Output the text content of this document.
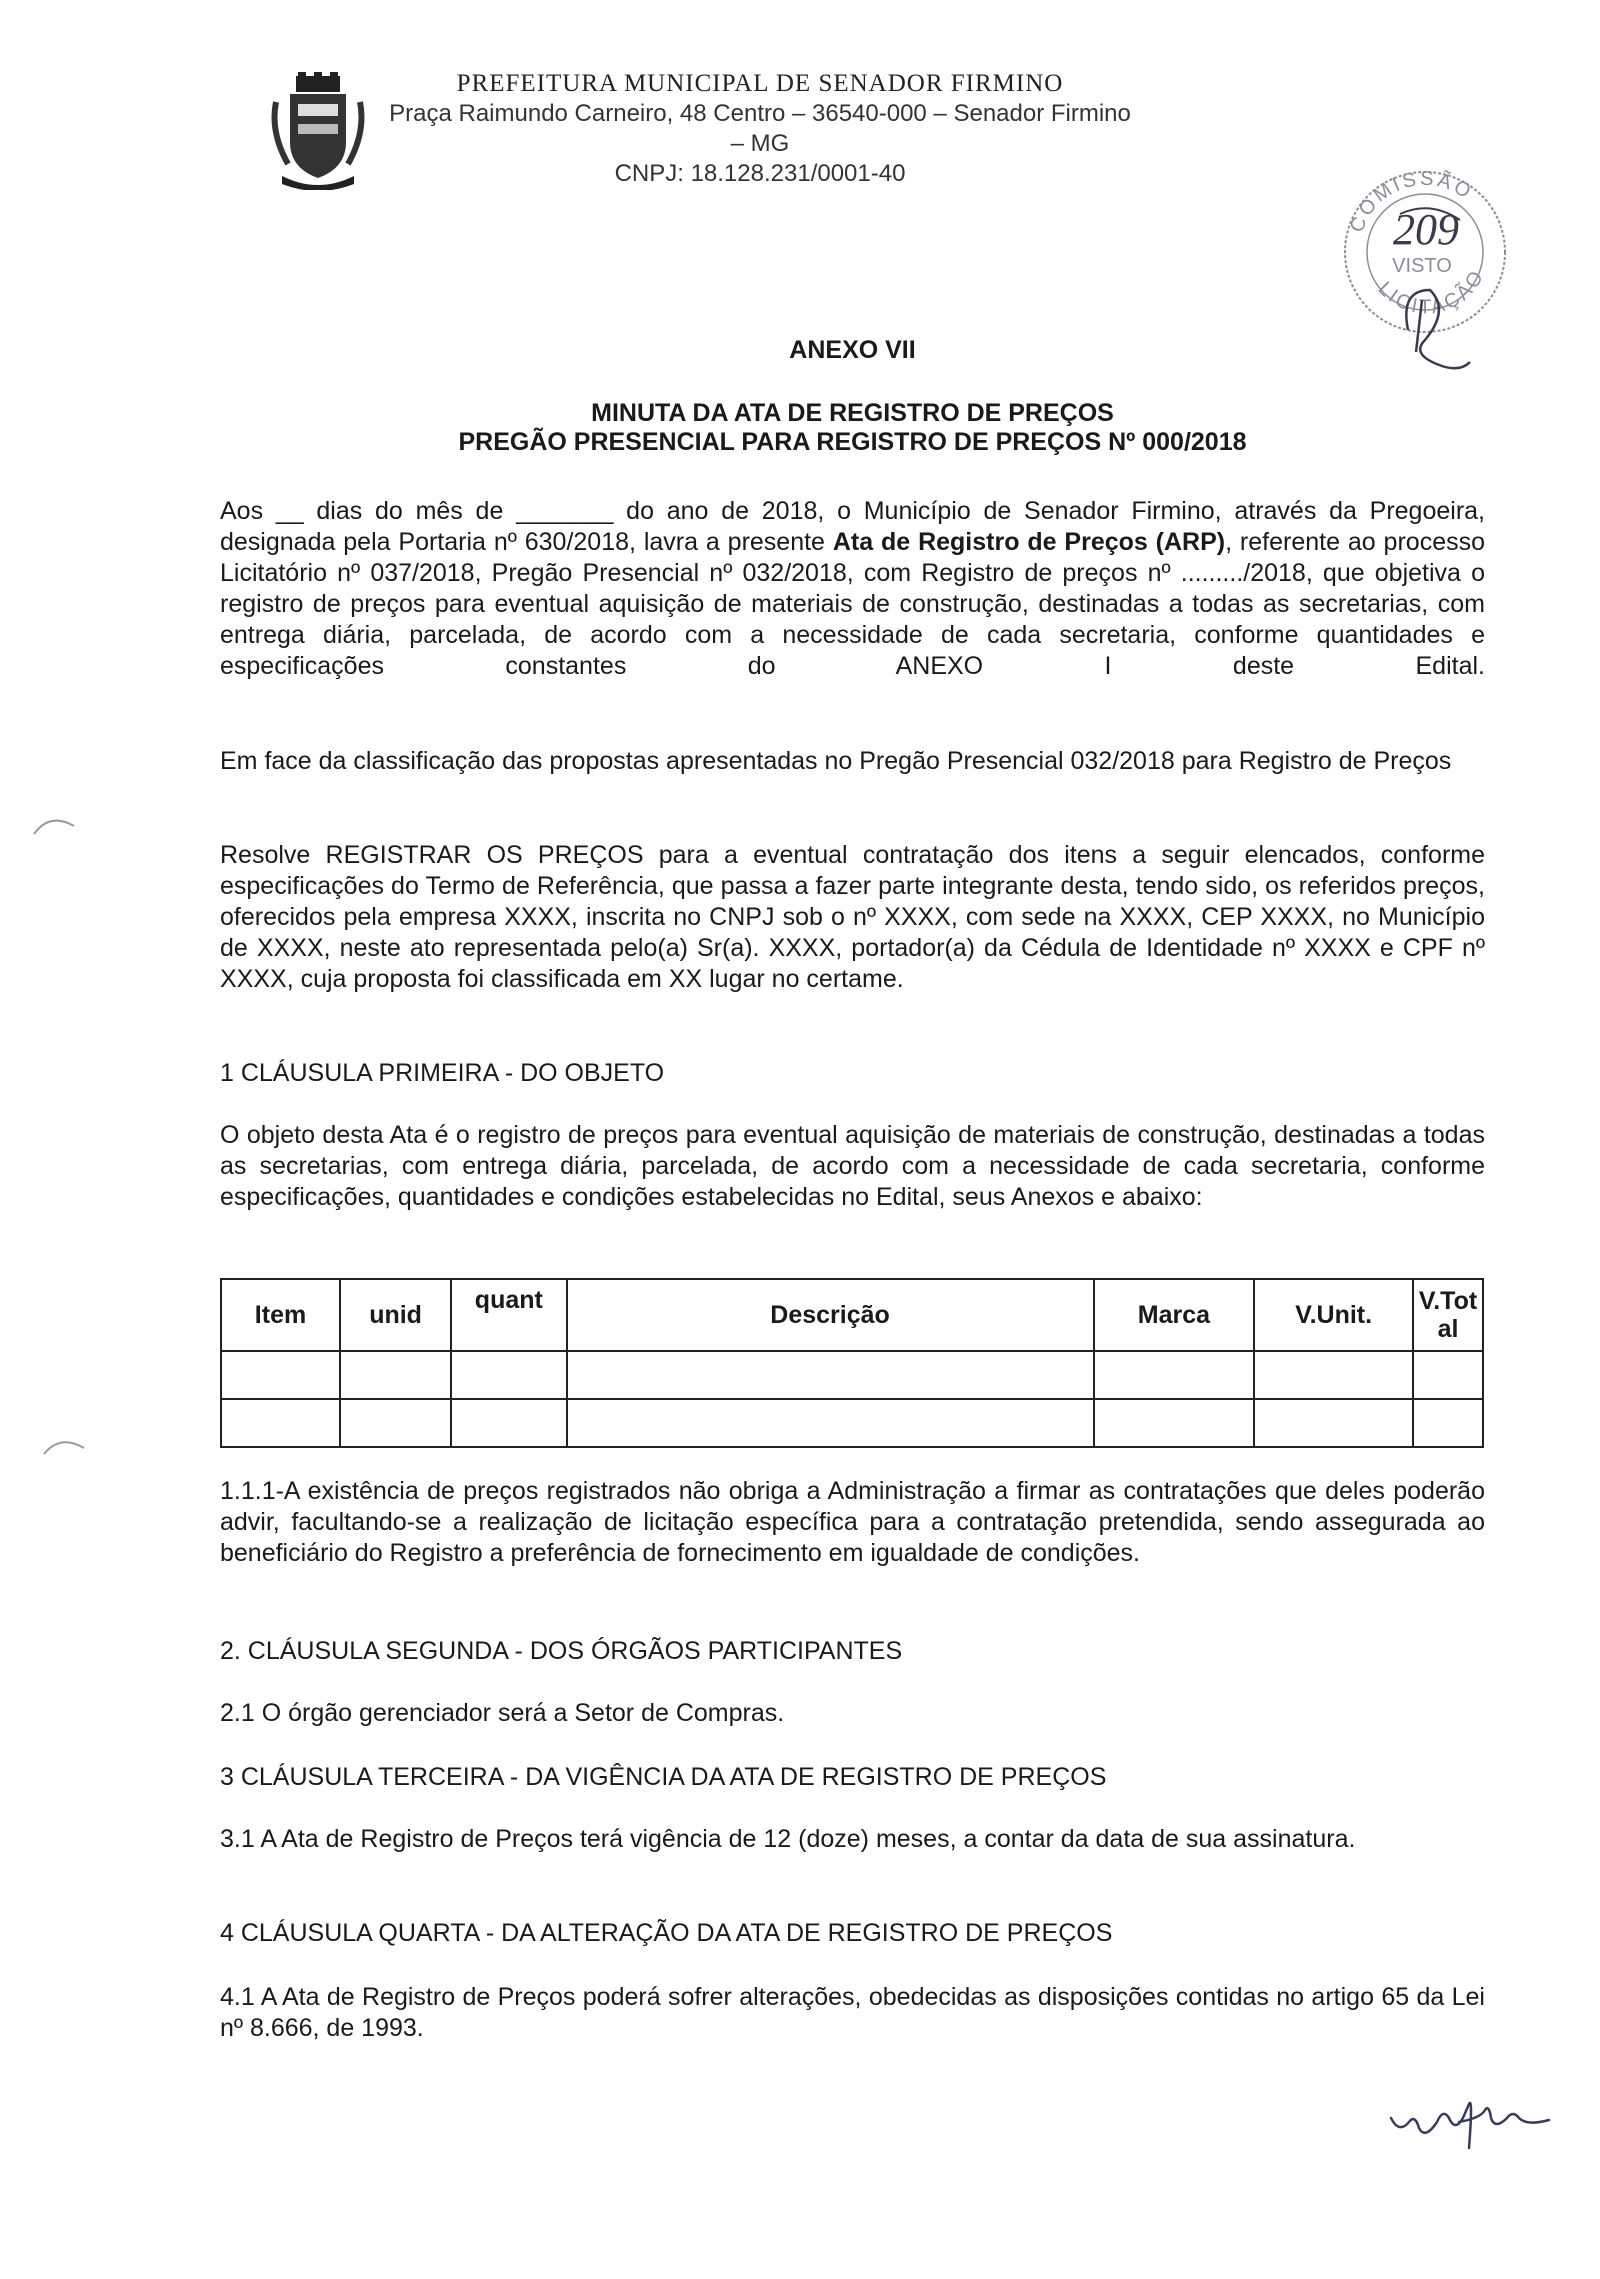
PREFEITURA MUNICIPAL DE SENADOR FIRMINO
Praça Raimundo Carneiro, 48 Centro – 36540-000 – Senador Firmino – MG
CNPJ: 18.128.231/0001-40
COMISSÃO
LICITAÇÃO
VISTO
209
ANEXO VII
MINUTA DA ATA DE REGISTRO DE PREÇOS
PREGÃO PRESENCIAL PARA REGISTRO DE PREÇOS Nº 000/2018

Aos __ dias do mês de _______ do ano de 2018, o Município de Senador Firmino, através da Pregoeira, designada pela Portaria nº 630/2018, lavra a presente Ata de Registro de Preços (ARP), referente ao processo Licitatório nº 037/2018, Pregão Presencial nº 032/2018, com Registro de preços nº ........./2018, que objetiva o registro de preços para eventual aquisição de materiais de construção, destinadas a todas as secretarias, com entrega diária, parcelada, de acordo com a necessidade de cada secretaria, conforme quantidades e especificações constantes do ANEXO I deste Edital.

Em face da classificação das propostas apresentadas no Pregão Presencial 032/2018 para Registro de Preços

Resolve REGISTRAR OS PREÇOS para a eventual contratação dos itens a seguir elencados, conforme especificações do Termo de Referência, que passa a fazer parte integrante desta, tendo sido, os referidos preços, oferecidos pela empresa XXXX, inscrita no CNPJ sob o nº XXXX, com sede na XXXX, CEP XXXX, no Município de XXXX, neste ato representada pelo(a) Sr(a). XXXX, portador(a) da Cédula de Identidade nº XXXX e CPF nº XXXX, cuja proposta foi classificada em XX lugar no certame.

1 CLÁUSULA PRIMEIRA - DO OBJETO

O objeto desta Ata é o registro de preços para eventual aquisição de materiais de construção, destinadas a todas as secretarias, com entrega diária, parcelada, de acordo com a necessidade de cada secretaria, conforme especificações, quantidades e condições estabelecidas no Edital, seus Anexos e abaixo:

Item	unid	quant	Descrição	Marca	V.Unit.	V.Tot al

1.1.1-A existência de preços registrados não obriga a Administração a firmar as contratações que deles poderão advir, facultando-se a realização de licitação específica para a contratação pretendida, sendo assegurada ao beneficiário do Registro a preferência de fornecimento em igualdade de condições.

2. CLÁUSULA SEGUNDA - DOS ÓRGÃOS PARTICIPANTES

2.1 O órgão gerenciador será a Setor de Compras.

3 CLÁUSULA TERCEIRA - DA VIGÊNCIA DA ATA DE REGISTRO DE PREÇOS

3.1 A Ata de Registro de Preços terá vigência de 12 (doze) meses, a contar da data de sua assinatura.

4 CLÁUSULA QUARTA - DA ALTERAÇÃO DA ATA DE REGISTRO DE PREÇOS

4.1 A Ata de Registro de Preços poderá sofrer alterações, obedecidas as disposições contidas no artigo 65 da Lei nº 8.666, de 1993.
